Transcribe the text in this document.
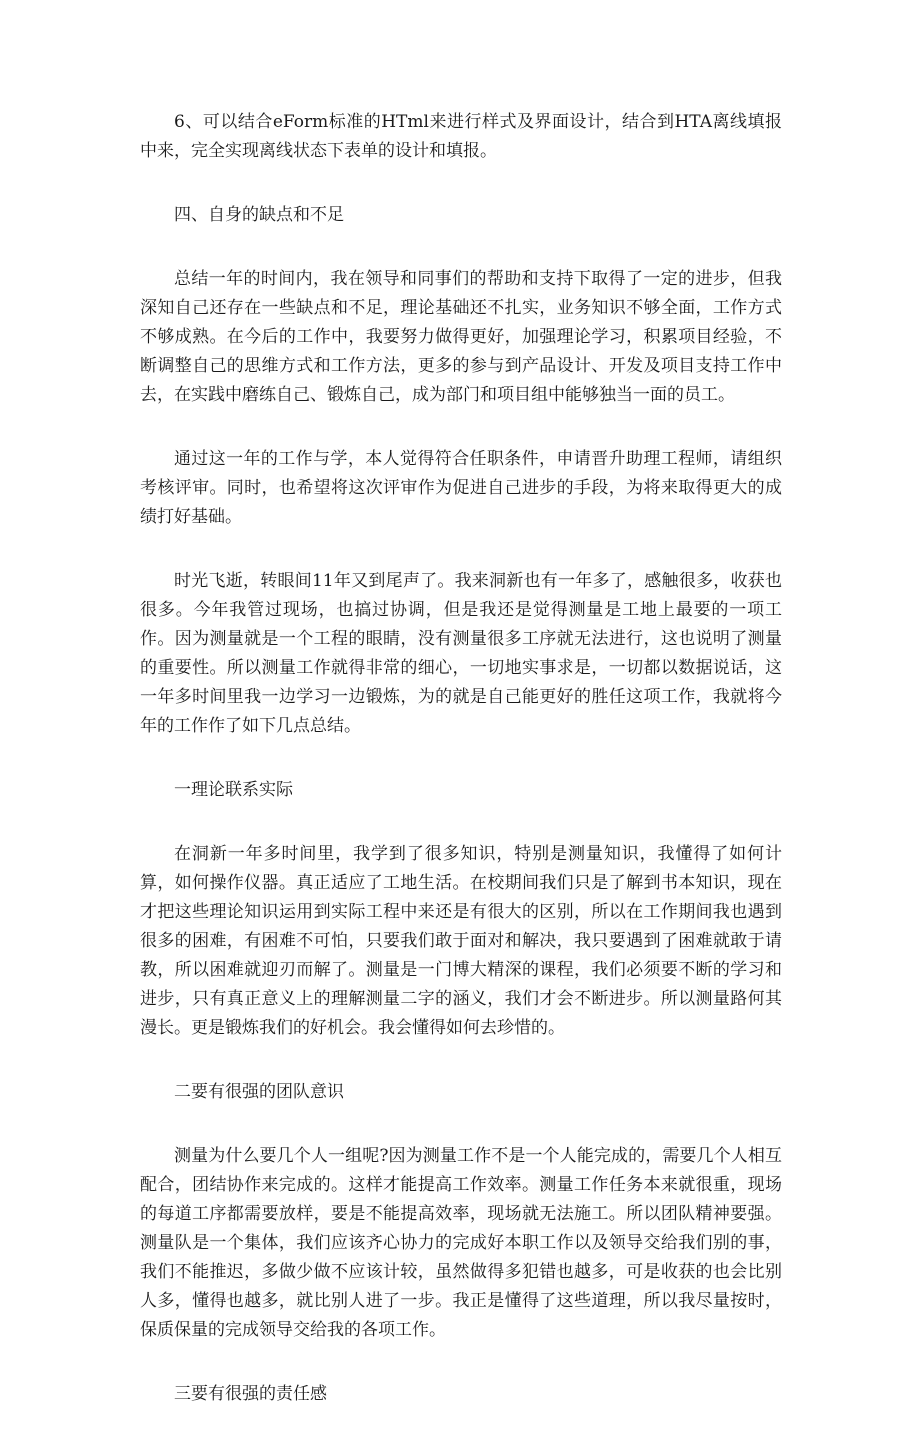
6、可以结合eForm标准的HTml来进行样式及界面设计，结合到HTA离线填报中来，完全实现离线状态下表单的设计和填报。

四、自身的缺点和不足

总结一年的时间内，我在领导和同事们的帮助和支持下取得了一定的进步，但我深知自己还存在一些缺点和不足，理论基础还不扎实，业务知识不够全面，工作方式不够成熟。在今后的工作中，我要努力做得更好，加强理论学习，积累项目经验，不断调整自己的思维方式和工作方法，更多的参与到产品设计、开发及项目支持工作中去，在实践中磨练自己、锻炼自己，成为部门和项目组中能够独当一面的员工。

通过这一年的工作与学，本人觉得符合任职条件，申请晋升助理工程师，请组织考核评审。同时，也希望将这次评审作为促进自己进步的手段，为将来取得更大的成绩打好基础。

时光飞逝，转眼间11年又到尾声了。我来洞新也有一年多了，感触很多，收获也很多。今年我管过现场，也搞过协调，但是我还是觉得测量是工地上最要的一项工作。因为测量就是一个工程的眼睛，没有测量很多工序就无法进行，这也说明了测量的重要性。所以测量工作就得非常的细心，一切地实事求是，一切都以数据说话，这一年多时间里我一边学习一边锻炼，为的就是自己能更好的胜任这项工作，我就将今年的工作作了如下几点总结。

一理论联系实际

在洞新一年多时间里，我学到了很多知识，特别是测量知识，我懂得了如何计算，如何操作仪器。真正适应了工地生活。在校期间我们只是了解到书本知识，现在才把这些理论知识运用到实际工程中来还是有很大的区别，所以在工作期间我也遇到很多的困难，有困难不可怕，只要我们敢于面对和解决，我只要遇到了困难就敢于请教，所以困难就迎刃而解了。测量是一门博大精深的课程，我们必须要不断的学习和进步，只有真正意义上的理解测量二字的涵义，我们才会不断进步。所以测量路何其漫长。更是锻炼我们的好机会。我会懂得如何去珍惜的。

二要有很强的团队意识

测量为什么要几个人一组呢?因为测量工作不是一个人能完成的，需要几个人相互配合，团结协作来完成的。这样才能提高工作效率。测量工作任务本来就很重，现场的每道工序都需要放样，要是不能提高效率，现场就无法施工。所以团队精神要强。测量队是一个集体，我们应该齐心协力的完成好本职工作以及领导交给我们别的事，我们不能推迟，多做少做不应该计较，虽然做得多犯错也越多，可是收获的也会比别人多，懂得也越多，就比别人进了一步。我正是懂得了这些道理，所以我尽量按时，保质保量的完成领导交给我的各项工作。

三要有很强的责任感
